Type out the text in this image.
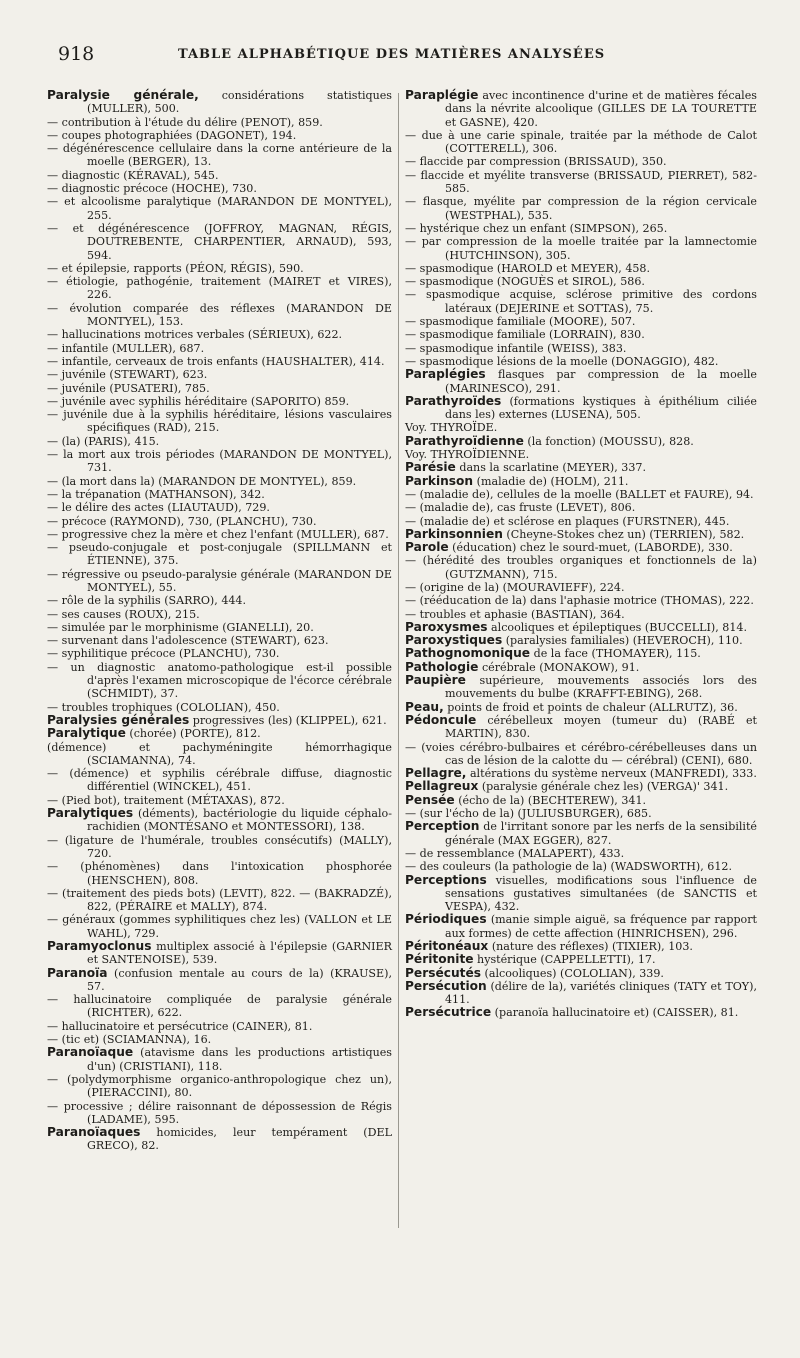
918	TABLE ALPHABÉTIQUE DES MATIÈRES ANALYSÉES

Paralysie générale, considérations statistiques (MULLER), 500.

— contribution à l'étude du délire (PENOT), 859.

— coupes photographiées (DAGONET), 194.

— dégénérescence cellulaire dans la corne antérieure de la moelle (BERGER), 13.

— diagnostic (KÉRAVAL), 545.

— diagnostic précoce (HOCHE), 730.

— et alcoolisme paralytique (MARANDON DE MONTYEL), 255.

— et dégénérescence (JOFFROY, MAGNAN, RÉGIS, DOUTREBENTE, CHARPENTIER, ARNAUD), 593, 594.

— et épilepsie, rapports (PÉON, RÉGIS), 590.

— étiologie, pathogénie, traitement (MAIRET et VIRES), 226.

— évolution comparée des réflexes (MARANDON DE MONTYEL), 153.

— hallucinations motrices verbales (SÉRIEUX), 622.

— infantile (MULLER), 687.

— infantile, cerveaux de trois enfants (HAUSHALTER), 414.

— juvénile (STEWART), 623.

— juvénile (PUSATERI), 785.

— juvénile avec syphilis héréditaire (SAPORITO) 859.

— juvénile due à la syphilis héréditaire, lésions vasculaires spécifiques (RAD), 215.

— (la) (PARIS), 415.

— la mort aux trois périodes (MARANDON DE MONTYEL), 731.

— (la mort dans la) (MARANDON DE MONTYEL), 859.

— la trépanation (MATHANSON), 342.

— le délire des actes (LIAUTAUD), 729.

— précoce (RAYMOND), 730, (PLANCHU), 730.

— progressive chez la mère et chez l'enfant (MULLER), 687.

— pseudo-conjugale et post-conjugale (SPILLMANN et ÉTIENNE), 375.

— régressive ou pseudo-paralysie générale (MARANDON DE MONTYEL), 55.

— rôle de la syphilis (SARRO), 444.

— ses causes (ROUX), 215.

— simulée par le morphinisme (GIANELLI), 20.

— survenant dans l'adolescence (STEWART), 623.

— syphilitique précoce (PLANCHU), 730.

— un diagnostic anatomo-pathologique est-il possible d'après l'examen microscopique de l'écorce cérébrale (SCHMIDT), 37.

— troubles trophiques (COLOLIAN), 450.

Paralysies générales progressives (les) (KLIPPEL), 621.

Paralytique (chorée) (PORTE), 812.

(démence) et pachyméningite hémorrhagique (SCIAMANNA), 74.

— (démence) et syphilis cérébrale diffuse, diagnostic différentiel (WINCKEL), 451.

— (Pied bot), traitement (MÉTAXAS), 872.

Paralytiques (déments), bactériologie du liquide céphalo-rachidien (MONTÉSANO et MONTESSORI), 138.

— (ligature de l'humérale, troubles consécutifs) (MALLY), 720.

— (phénomènes) dans l'intoxication phosphorée (HENSCHEN), 808.

— (traitement des pieds bots) (LEVIT), 822. — (BAKRADZÉ), 822, (PÉRAIRE et MALLY), 874.

— généraux (gommes syphilitiques chez les) (VALLON et LE WAHL), 729.

Paramyoclonus multiplex associé à l'épilepsie (GARNIER et SANTENOISE), 539.

Paranoïa (confusion mentale au cours de la) (KRAUSE), 57.

— hallucinatoire compliquée de paralysie générale (RICHTER), 622.

— hallucinatoire et persécutrice (CAINER), 81.

— (tic et) (SCIAMANNA), 16.

Paranoïaque (atavisme dans les productions artistiques d'un) (CRISTIANI), 118.

— (polydymorphisme organico-anthropologique chez un), (PIERACCINI), 80.

— processive ; délire raisonnant de dépossession de Régis (LADAME), 595.

Paranoïaques homicides, leur tempérament (DEL GRECO), 82.

Paraplégie avec incontinence d'urine et de matières fécales dans la névrite alcoolique (GILLES DE LA TOURETTE et GASNE), 420.

— due à une carie spinale, traitée par la méthode de Calot (COTTERELL), 306.

— flaccide par compression (BRISSAUD), 350.

— flaccide et myélite transverse (BRISSAUD, PIERRET), 582-585.

— flasque, myélite par compression de la région cervicale (WESTPHAL), 535.

— hystérique chez un enfant (SIMPSON), 265.

— par compression de la moelle traitée par la lamnectomie (HUTCHINSON), 305.

— spasmodique (HAROLD et MEYER), 458.

— spasmodique (NOGUÈS et SIROL), 586.

— spasmodique acquise, sclérose primitive des cordons latéraux (DEJERINE et SOTTAS), 75.

— spasmodique familiale (MOORE), 507.

— spasmodique familiale (LORRAIN), 830.

— spasmodique infantile (WEISS), 383.

— spasmodique lésions de la moelle (DONAGGIO), 482.

Paraplégies flasques par compression de la moelle (MARINESCO), 291.

Parathyroïdes (formations kystiques à épithélium ciliée dans les) externes (LUSENA), 505.

Voy. THYROÏDE.

Parathyroïdienne (la fonction) (MOUSSU), 828.

Voy. THYROÏDIENNE.

Parésie dans la scarlatine (MEYER), 337.

Parkinson (maladie de) (HOLM), 211.

— (maladie de), cellules de la moelle (BALLET et FAURE), 94.

— (maladie de), cas fruste (LEVET), 806.

— (maladie de) et sclérose en plaques (FURSTNER), 445.

Parkinsonnien (Cheyne-Stokes chez un) (TERRIEN), 582.

Parole (éducation) chez le sourd-muet, (LABORDE), 330.

— (hérédité des troubles organiques et fonctionnels de la) (GUTZMANN), 715.

— (origine de la) (MOURAVIEFF), 224.

— (rééducation de la) dans l'aphasie motrice (THOMAS), 222.

— troubles et aphasie (BASTIAN), 364.

Paroxysmes alcooliques et épileptiques (BUCCELLI), 814.

Paroxystiques (paralysies familiales) (HEVEROCH), 110.

Pathognomonique de la face (THOMAYER), 115.

Pathologie cérébrale (MONAKOW), 91.

Paupière supérieure, mouvements associés lors des mouvements du bulbe (KRAFFT-EBING), 268.

Peau, points de froid et points de chaleur (ALLRUTZ), 36.

Pédoncule cérébelleux moyen (tumeur du) (RABÉ et MARTIN), 830.

— (voies cérébro-bulbaires et cérébro-cérébelleuses dans un cas de lésion de la calotte du — cérébral) (CENI), 680.

Pellagre, altérations du système nerveux (MANFREDI), 333.

Pellagreux (paralysie générale chez les) (VERGA)' 341.

Pensée (écho de la) (BECHTEREW), 341.

— (sur l'écho de la) (JULIUSBURGER), 685.

Perception de l'irritant sonore par les nerfs de la sensibilité générale (MAX EGGER), 827.

— de ressemblance (MALAPERT), 433.

— des couleurs (la pathologie de la) (WADSWORTH), 612.

Perceptions visuelles, modifications sous l'influence de sensations gustatives simultanées (de SANCTIS et VESPA), 432.

Périodiques (manie simple aiguë, sa fréquence par rapport aux formes) de cette affection (HINRICHSEN), 296.

Péritonéaux (nature des réflexes) (TIXIER), 103.

Péritonite hystérique (CAPPELLETTI), 17.

Persécutés (alcooliques) (COLOLIAN), 339.

Persécution (délire de la), variétés cliniques (TATY et TOY), 411.

Persécutrice (paranoïa hallucinatoire et) (CAISSER), 81.
